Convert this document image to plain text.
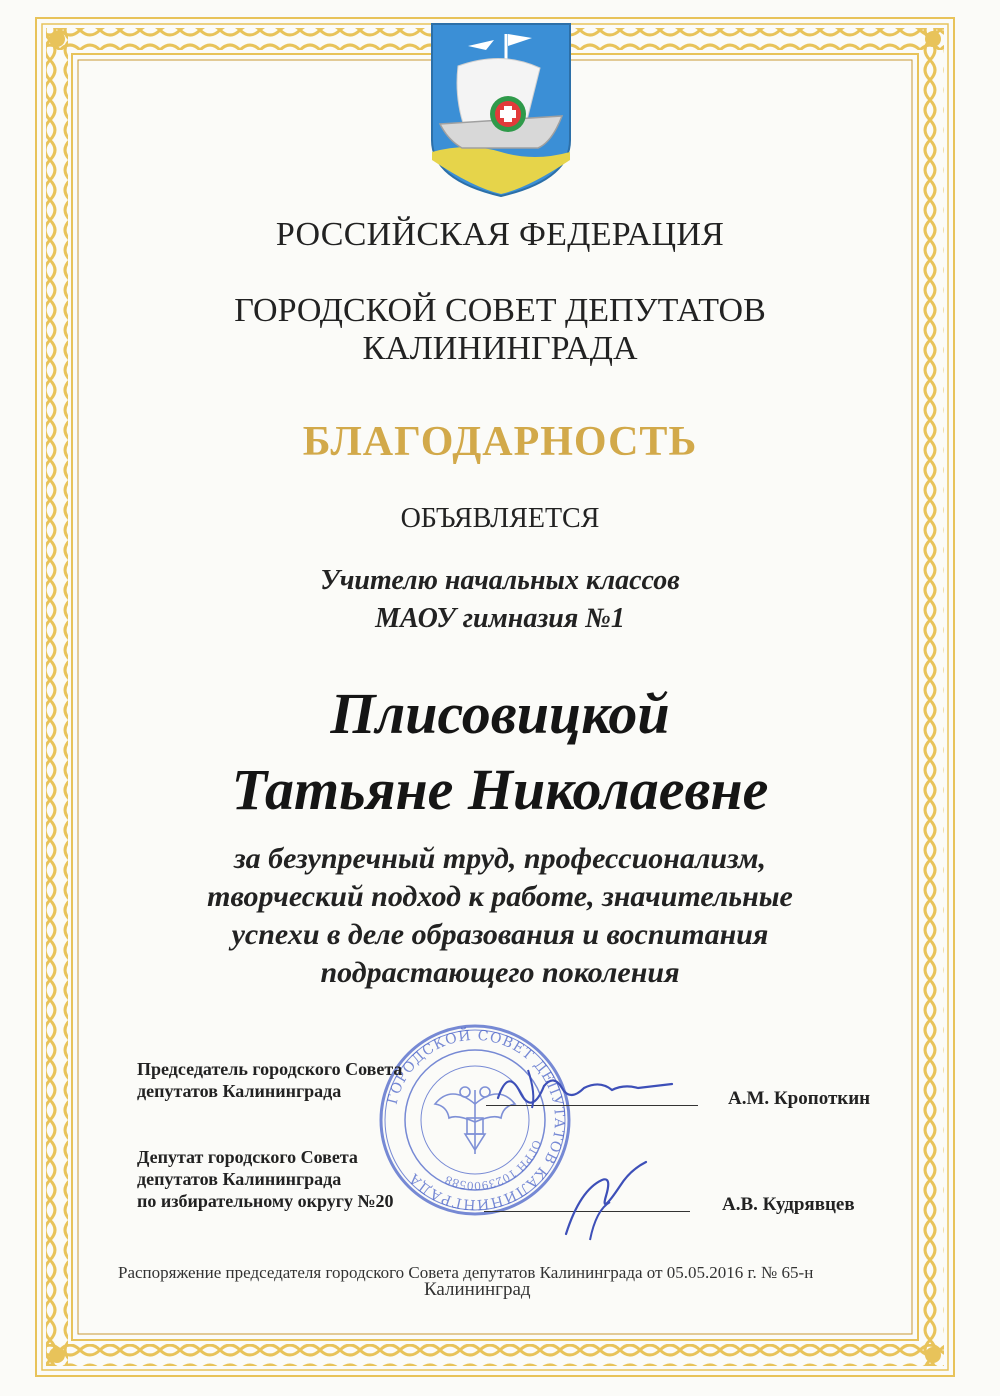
РОССИЙСКАЯ ФЕДЕРАЦИЯ

ГОРОДСКОЙ СОВЕТ ДЕПУТАТОВ
КАЛИНИНГРАДА

БЛАГОДАРНОСТЬ

ОБЪЯВЛЯЕТСЯ

Учителю начальных классов
МАОУ гимназия №1
Плисовицкой
Татьяне Николаевне
за безупречный труд, профессионализм,
творческий подход к работе, значительные
успехи в деле образования и воспитания
подрастающего поколения
ГОРОДСКОЙ СОВЕТ ДЕПУТАТОВ КАЛИНИНГРАДА
ОГРН 1023900588
Председатель городского Совета
депутатов Калининграда	А.М. Кропоткин
Депутат городского Совета
депутатов Калининграда
по избирательному округу №20	А.В. Кудрявцев
Распоряжение председателя городского Совета депутатов Калининграда от 05.05.2016 г. № 65-н
Калининград
